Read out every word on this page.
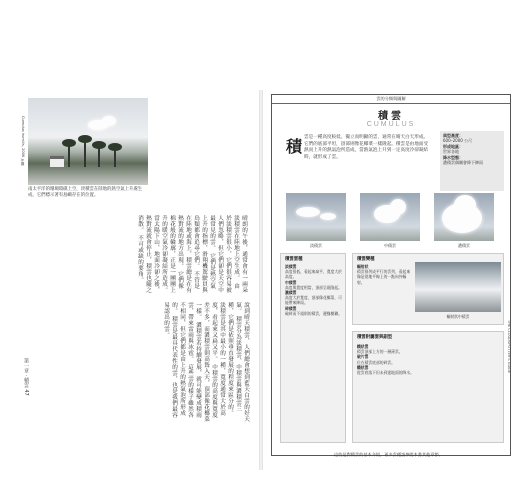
Cumulus humilis, 2006 年攝
南太平洋的珊瑚環礁上空，淡積雲在陸地的熱空氣上升處生成，它們標示著有島嶼存在的位置。
晴朗的午後，通常會有一兩朵淡積雲在陸地上空生成。 由於淡積雲很小，它們很容易被人們忽略，但它們卻是天空中最常見的雲。 它們是熱空氣上升的指標，滑翔機駕駛員與鳥類都會追尋它們。 不管是在陸地或海上，積雲總是在有熱對流的地方出現。 它們像棉花般的輪廓，正是一團團上升的暖空氣冷卻凝結所造成。 當太陽下山、地面冷卻之後，熱對流就會停止，積雲也隨之消散。 不可或缺的要角。
說到晴天積雲，人們總會想到藍天白雲的好天氣。 積雲分為淡積雲、中積雲與濃積雲三種，它們是依照垂直發展的程度來區分的。 淡積雲是其中最小的一種，寬度通常大於高度，看起來又扁又平。 中積雲的高度與寬度差不多，而濃積雲則高聳入天，頂部像花椰菜一樣。 濃積雲若持續發展，就可能變成積雨雲，帶來雷雨與冰雹。 這些雲的樣子雖然各不相同，但它們都是由上升的熱氣泡所形成的。 積雲是最具代表性的雲，也是我們最容易認出的雲。
第一章 · 積雲 47
雲的分類與圖解
積雲
CUMULUS
積 雲是一種高度較低、獨立而明顯的雲，通常在晴天白天形成。它們的底部平坦，頂部則像花椰菜一樣隆起。積雲是由地面受熱而上升的熱氣泡所造成，當熱氣泡上升到一定高度冷卻凝結時，就形成了雲。
典型高度：
600–2000 公尺
形成地區：
世界各地
降水型態：
濃積雲偶爾會降下陣雨
淡積雲	中積雲	濃積雲
積雲雲種
淡積雲
高度很低，看起來扁平，寬度大於高度。
中積雲
高度與寬度相當，頂部呈現隆起。
濃積雲
高度大於寬度，頂部像花椰菜，可能帶來陣雨。
碎積雲
破碎而不規則的積雲，邊緣模糊。
積雲變種
輻射狀
積雲排列成平行的雲列，看起來像是從地平線上的一點向外輻射。
輻射狀中積雲
積雲附屬雲與副型
幞狀雲
積雲頂部上方的一層薄雲。
破片雲
位在積雲底部的碎雲。
幡狀雲
從雲底落下但未到達地面的降水。
這些是對積雲的基本介紹，更多雲種請參閱本書其他章節。
THE CLOUDSPOTTER'S GUIDE
